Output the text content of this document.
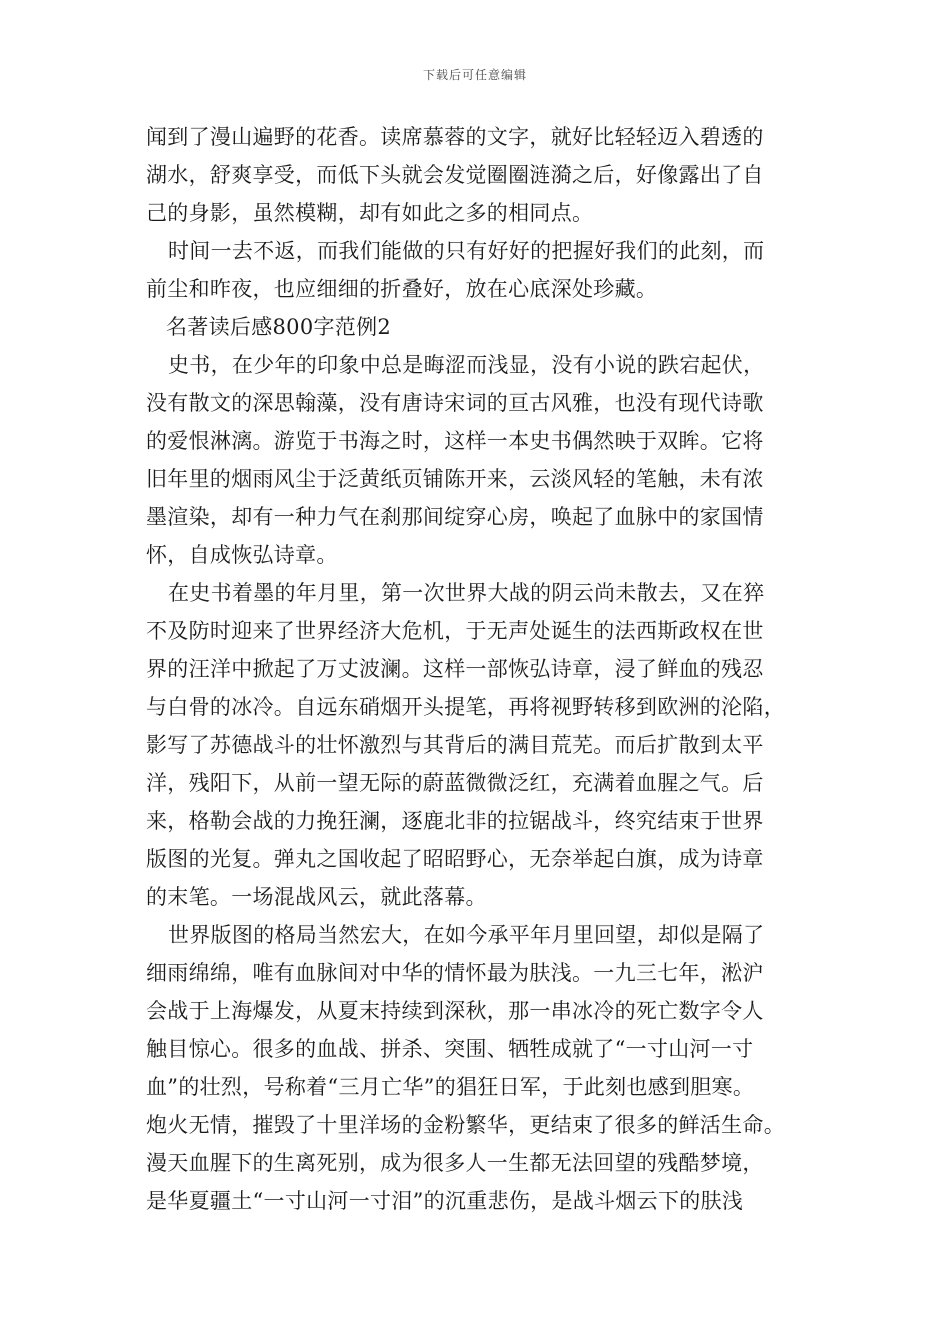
下载后可任意编辑
闻到了漫山遍野的花香。读席慕蓉的文字，就好比轻轻迈入碧透的
湖水，舒爽享受，而低下头就会发觉圈圈涟漪之后，好像露出了自
己的身影，虽然模糊，却有如此之多的相同点。
时间一去不返，而我们能做的只有好好的把握好我们的此刻，而
前尘和昨夜，也应细细的折叠好，放在心底深处珍藏。
名著读后感800字范例2
史书，在少年的印象中总是晦涩而浅显，没有小说的跌宕起伏，
没有散文的深思翰藻，没有唐诗宋词的亘古风雅，也没有现代诗歌
的爱恨淋漓。游览于书海之时，这样一本史书偶然映于双眸。它将
旧年里的烟雨风尘于泛黄纸页铺陈开来，云淡风轻的笔触，未有浓
墨渲染，却有一种力气在刹那间绽穿心房，唤起了血脉中的家国情
怀，自成恢弘诗章。
在史书着墨的年月里，第一次世界大战的阴云尚未散去，又在猝
不及防时迎来了世界经济大危机，于无声处诞生的法西斯政权在世
界的汪洋中掀起了万丈波澜。这样一部恢弘诗章，浸了鲜血的残忍
与白骨的冰冷。自远东硝烟开头提笔，再将视野转移到欧洲的沦陷，
影写了苏德战斗的壮怀激烈与其背后的满目荒芜。而后扩散到太平
洋，残阳下，从前一望无际的蔚蓝微微泛红，充满着血腥之气。后
来，格勒会战的力挽狂澜，逐鹿北非的拉锯战斗，终究结束于世界
版图的光复。弹丸之国收起了昭昭野心，无奈举起白旗，成为诗章
的末笔。一场混战风云，就此落幕。
世界版图的格局当然宏大，在如今承平年月里回望，却似是隔了
细雨绵绵，唯有血脉间对中华的情怀最为肤浅。一九三七年，淞沪
会战于上海爆发，从夏末持续到深秋，那一串冰冷的死亡数字令人
触目惊心。很多的血战、拼杀、突围、牺牲成就了“一寸山河一寸
血”的壮烈，号称着“三月亡华”的猖狂日军，于此刻也感到胆寒。
炮火无情，摧毁了十里洋场的金粉繁华，更结束了很多的鲜活生命。
漫天血腥下的生离死别，成为很多人一生都无法回望的残酷梦境，
是华夏疆土“一寸山河一寸泪”的沉重悲伤，是战斗烟云下的肤浅
